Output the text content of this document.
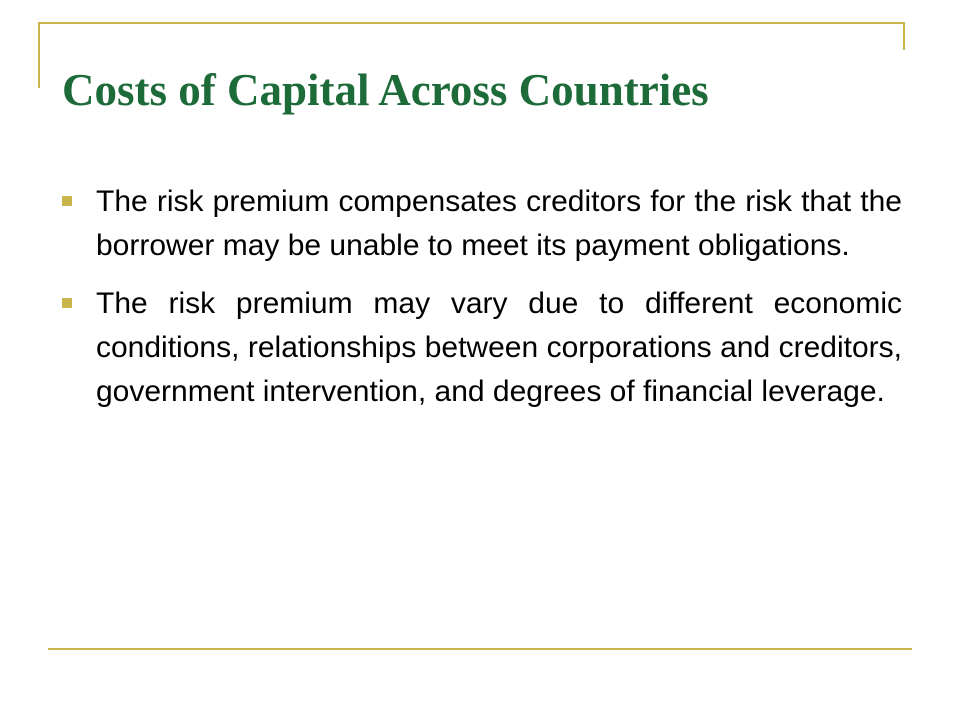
Costs of Capital Across Countries
The risk premium compensates creditors for the risk that the borrower may be unable to meet its payment obligations.
The risk premium may vary due to different economic conditions, relationships between corporations and creditors, government intervention, and degrees of financial leverage.
